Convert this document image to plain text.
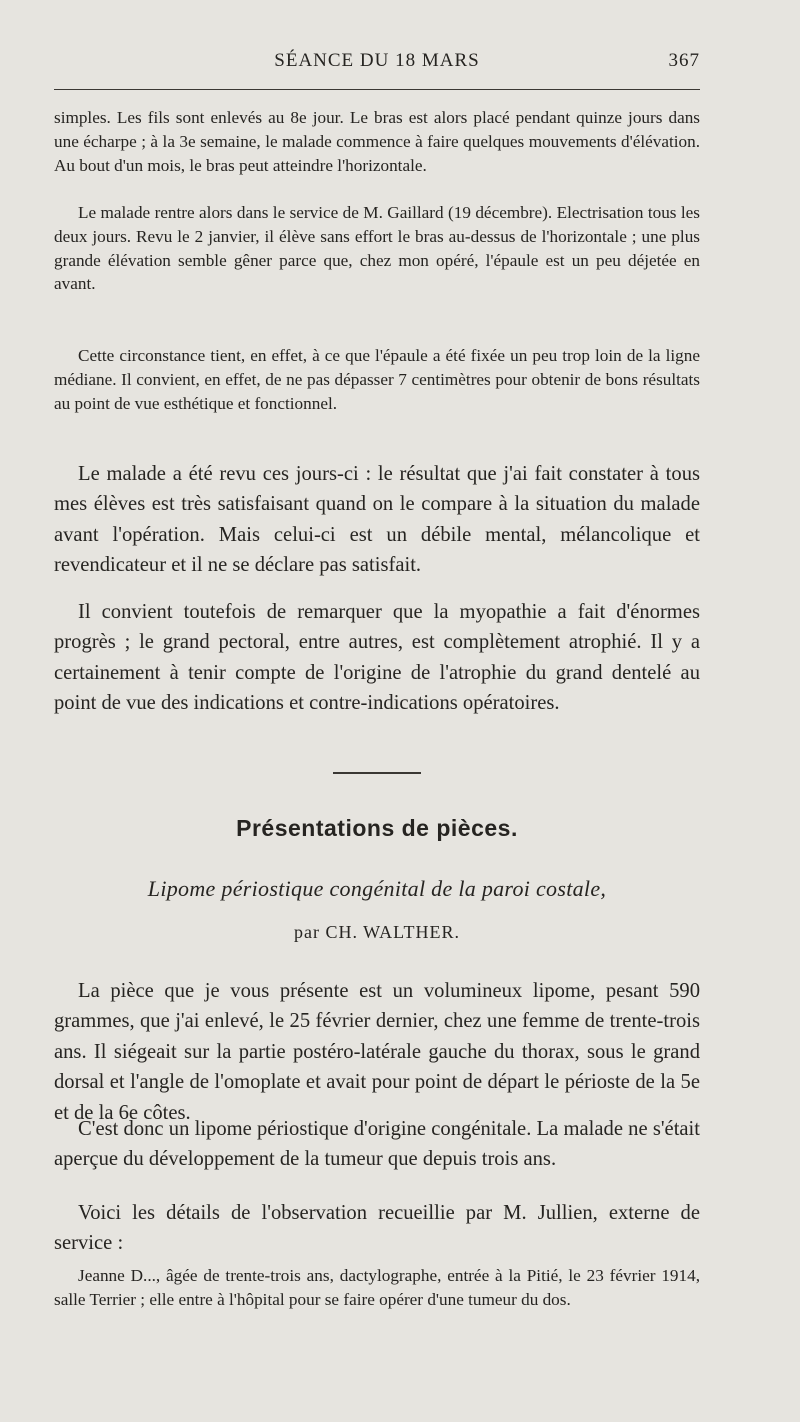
SÉANCE DU 18 MARS	367

simples. Les fils sont enlevés au 8e jour. Le bras est alors placé pendant quinze jours dans une écharpe ; à la 3e semaine, le malade commence à faire quelques mouvements d'élévation. Au bout d'un mois, le bras peut atteindre l'horizontale.

Le malade rentre alors dans le service de M. Gaillard (19 décembre). Electrisation tous les deux jours. Revu le 2 janvier, il élève sans effort le bras au-dessus de l'horizontale ; une plus grande élévation semble gêner parce que, chez mon opéré, l'épaule est un peu déjetée en avant.

Cette circonstance tient, en effet, à ce que l'épaule a été fixée un peu trop loin de la ligne médiane. Il convient, en effet, de ne pas dépasser 7 centimètres pour obtenir de bons résultats au point de vue esthétique et fonctionnel.

Le malade a été revu ces jours-ci : le résultat que j'ai fait constater à tous mes élèves est très satisfaisant quand on le compare à la situation du malade avant l'opération. Mais celui-ci est un débile mental, mélancolique et revendicateur et il ne se déclare pas satisfait.

Il convient toutefois de remarquer que la myopathie a fait d'énormes progrès ; le grand pectoral, entre autres, est complètement atrophié. Il y a certainement à tenir compte de l'origine de l'atrophie du grand dentelé au point de vue des indications et contre-indications opératoires.

Présentations de pièces.
Lipome périostique congénital de la paroi costale,
par CH. WALTHER.

La pièce que je vous présente est un volumineux lipome, pesant 590 grammes, que j'ai enlevé, le 25 février dernier, chez une femme de trente-trois ans. Il siégeait sur la partie postéro-latérale gauche du thorax, sous le grand dorsal et l'angle de l'omoplate et avait pour point de départ le périoste de la 5e et de la 6e côtes.

C'est donc un lipome périostique d'origine congénitale. La malade ne s'était aperçue du développement de la tumeur que depuis trois ans.

Voici les détails de l'observation recueillie par M. Jullien, externe de service :

Jeanne D..., âgée de trente-trois ans, dactylographe, entrée à la Pitié, le 23 février 1914, salle Terrier ; elle entre à l'hôpital pour se faire opérer d'une tumeur du dos.
